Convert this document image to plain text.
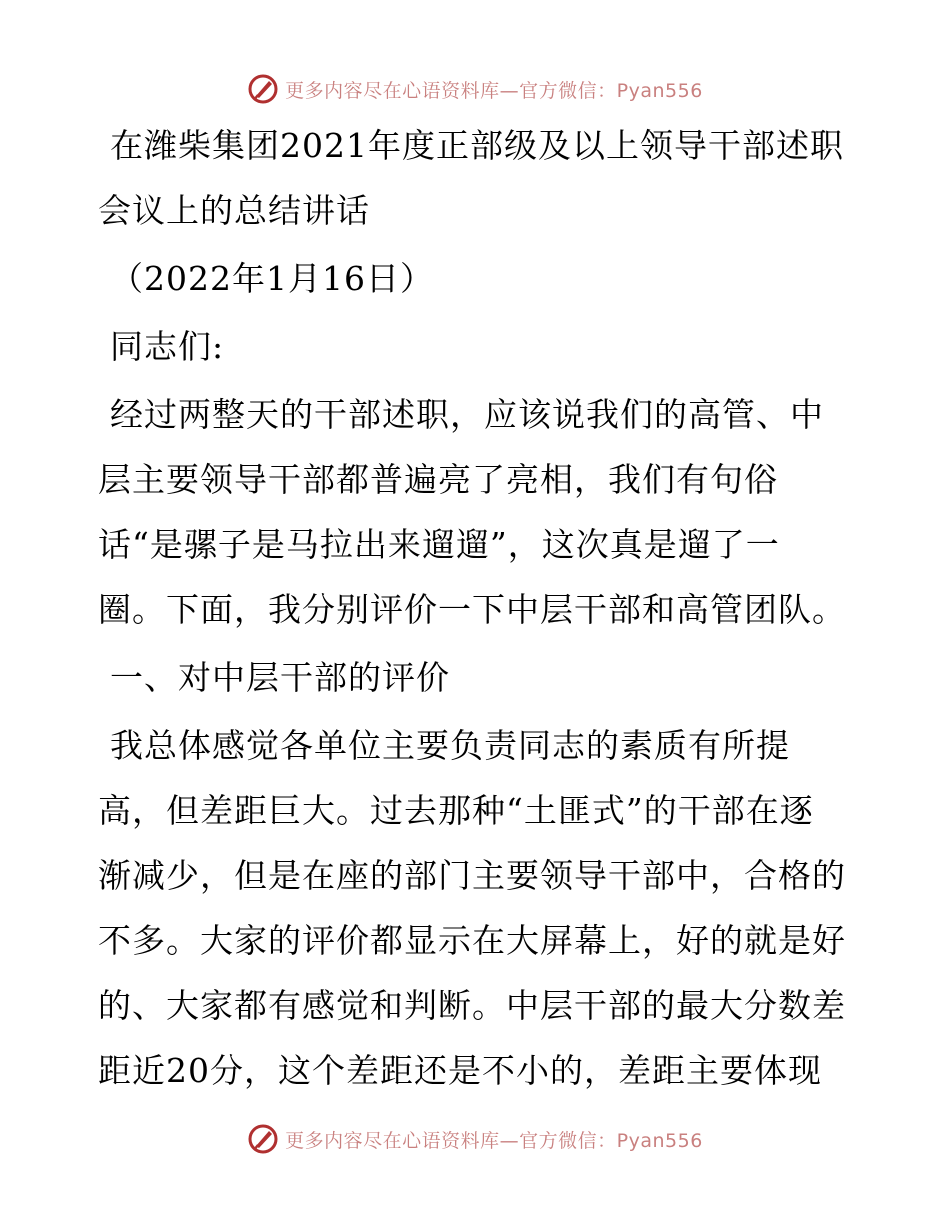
更多内容尽在心语资料库—官方微信：Pyan556
在潍柴集团2021年度正部级及以上领导干部述职
会议上的总结讲话
（2022年1月16日）
同志们:
经过两整天的干部述职，应该说我们的高管、中
层主要领导干部都普遍亮了亮相，我们有句俗
话“是骡子是马拉出来遛遛”，这次真是遛了一
圈。下面，我分别评价一下中层干部和高管团队。
一、对中层干部的评价
我总体感觉各单位主要负责同志的素质有所提
高，但差距巨大。过去那种“土匪式”的干部在逐
渐减少，但是在座的部门主要领导干部中，合格的
不多。大家的评价都显示在大屏幕上，好的就是好
的、大家都有感觉和判断。中层干部的最大分数差
距近20分，这个差距还是不小的，差距主要体现
更多内容尽在心语资料库—官方微信：Pyan556
